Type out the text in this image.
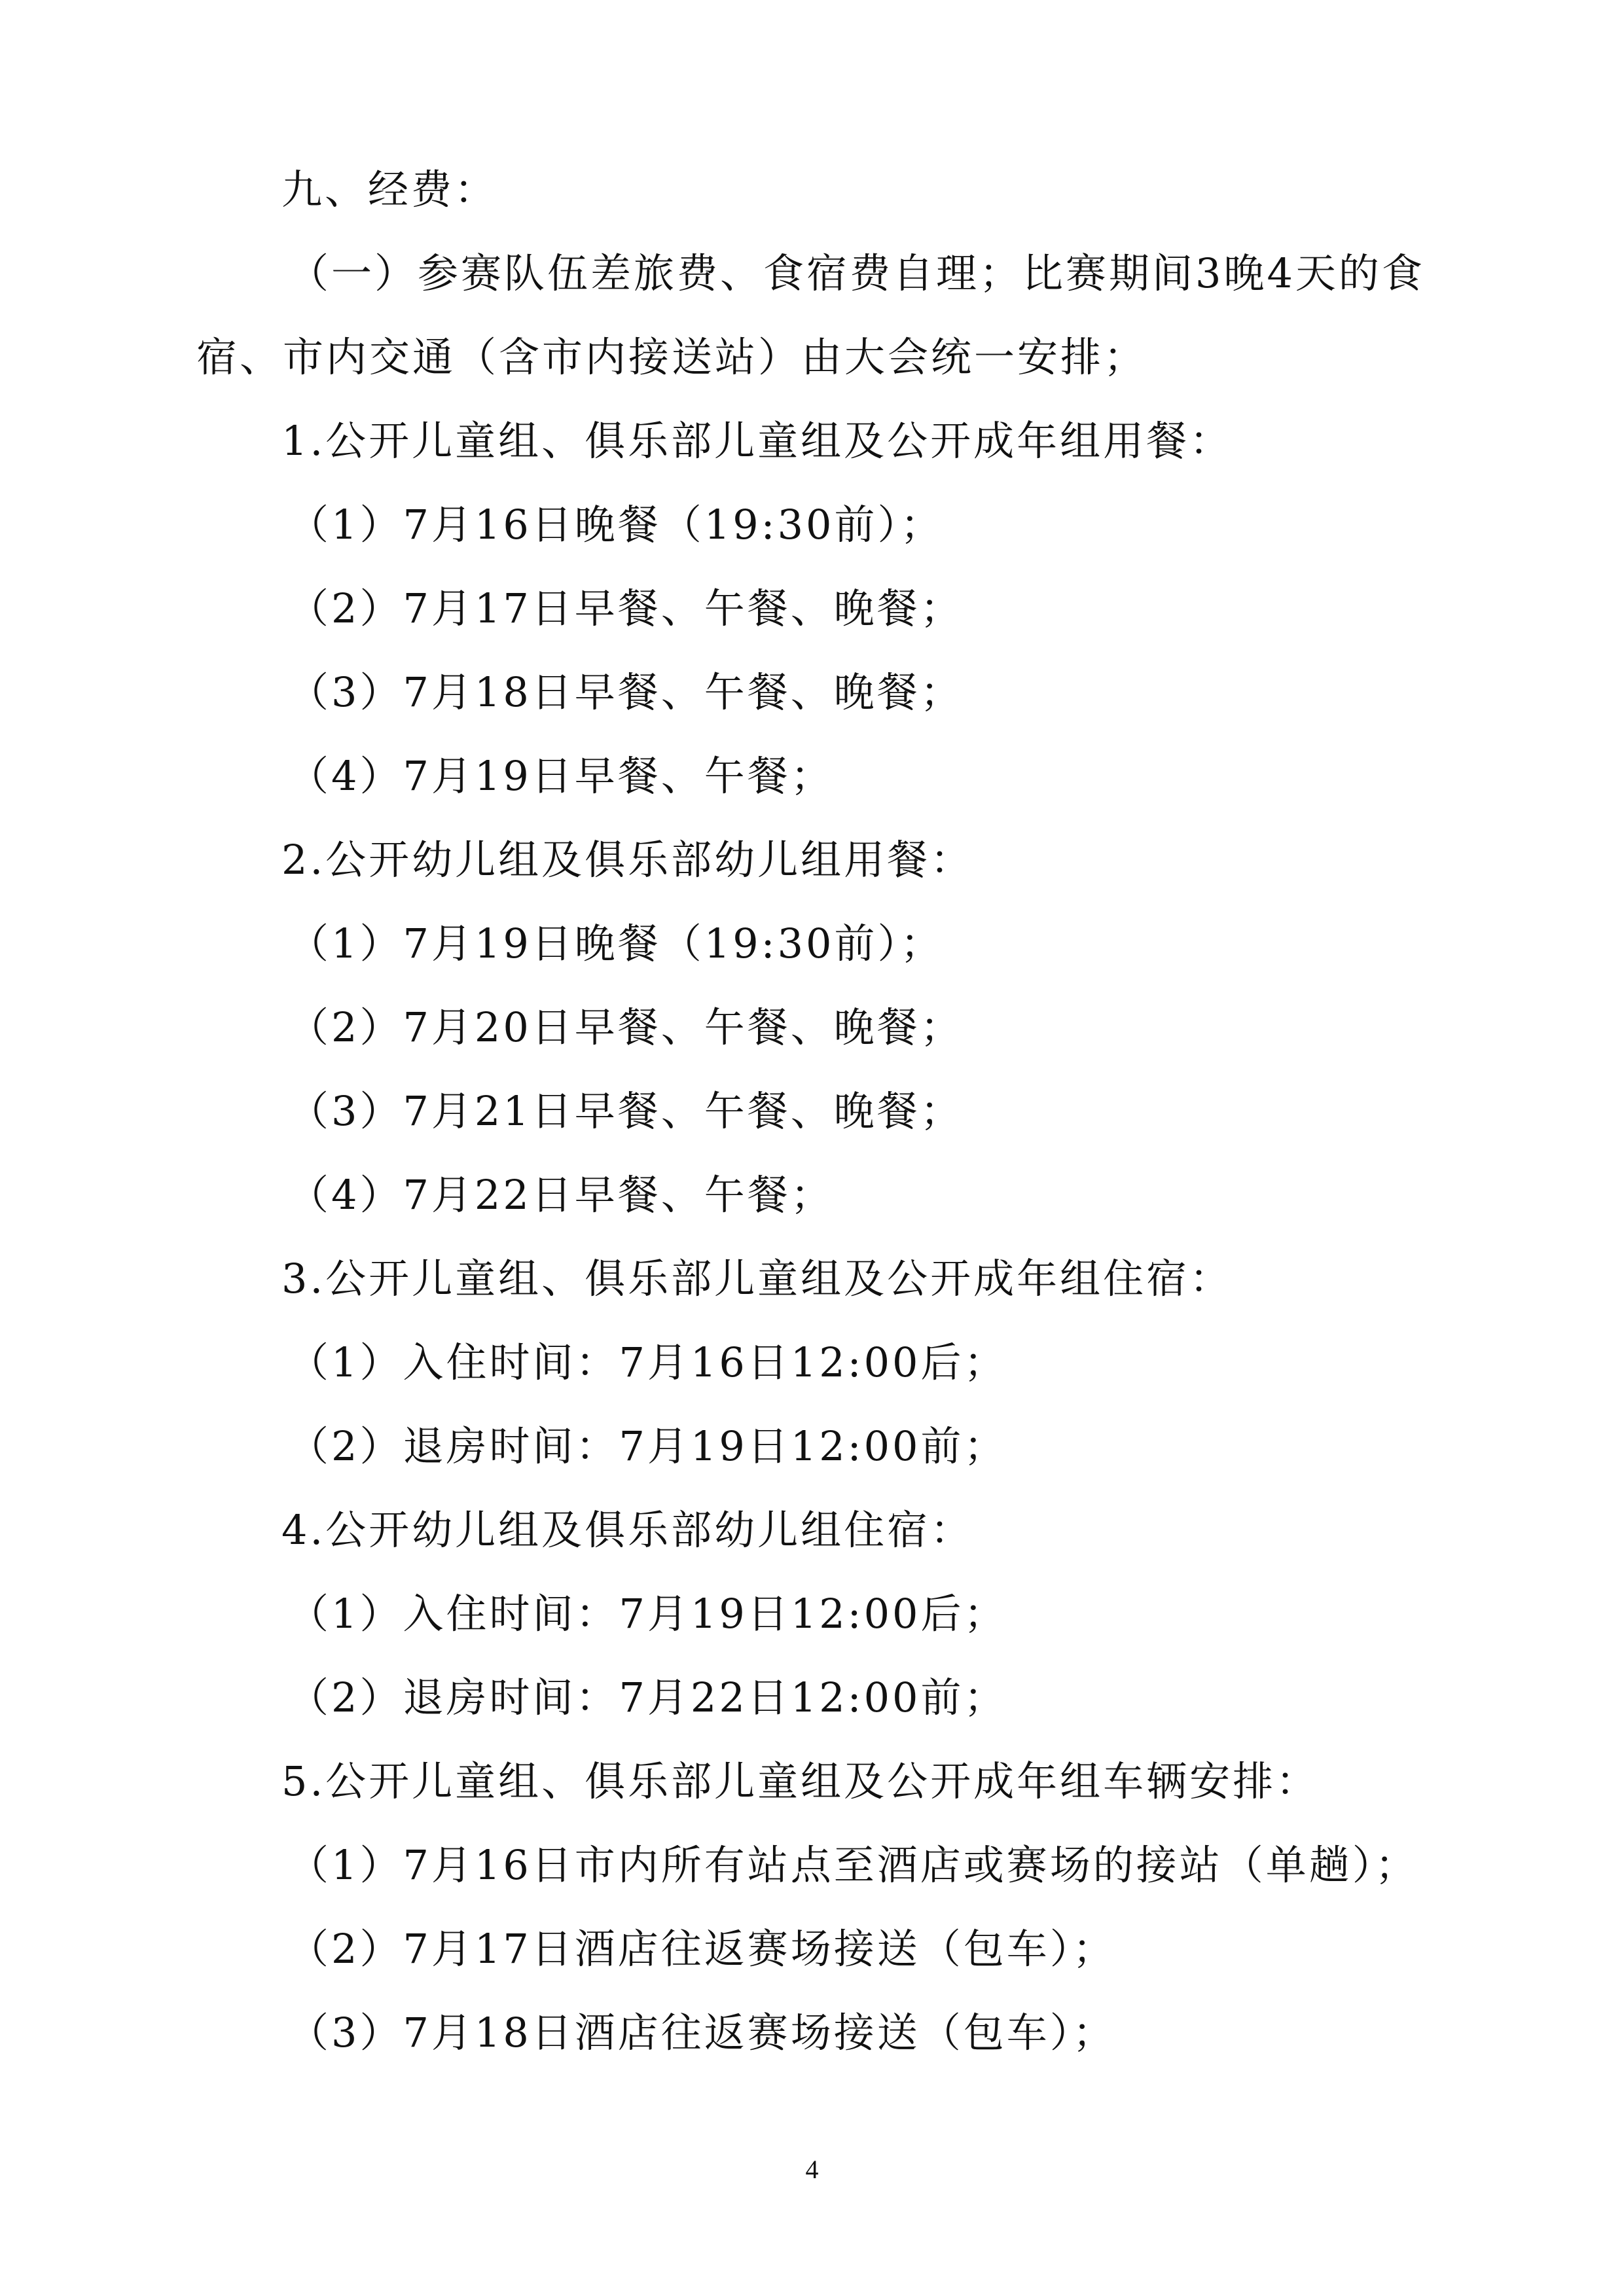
九、经费：
（一）参赛队伍差旅费、食宿费自理；比赛期间3晚4天的食
宿、市内交通（含市内接送站）由大会统一安排；
1.公开儿童组、俱乐部儿童组及公开成年组用餐：
（1）7月16日晚餐（19:30前）；
（2）7月17日早餐、午餐、晚餐；
（3）7月18日早餐、午餐、晚餐；
（4）7月19日早餐、午餐；
2.公开幼儿组及俱乐部幼儿组用餐：
（1）7月19日晚餐（19:30前）；
（2）7月20日早餐、午餐、晚餐；
（3）7月21日早餐、午餐、晚餐；
（4）7月22日早餐、午餐；
3.公开儿童组、俱乐部儿童组及公开成年组住宿：
（1）入住时间：7月16日12:00后；
（2）退房时间：7月19日12:00前；
4.公开幼儿组及俱乐部幼儿组住宿：
（1）入住时间：7月19日12:00后；
（2）退房时间：7月22日12:00前；
5.公开儿童组、俱乐部儿童组及公开成年组车辆安排：
（1）7月16日市内所有站点至酒店或赛场的接站（单趟）；
（2）7月17日酒店往返赛场接送（包车）；
（3）7月18日酒店往返赛场接送（包车）；
4
